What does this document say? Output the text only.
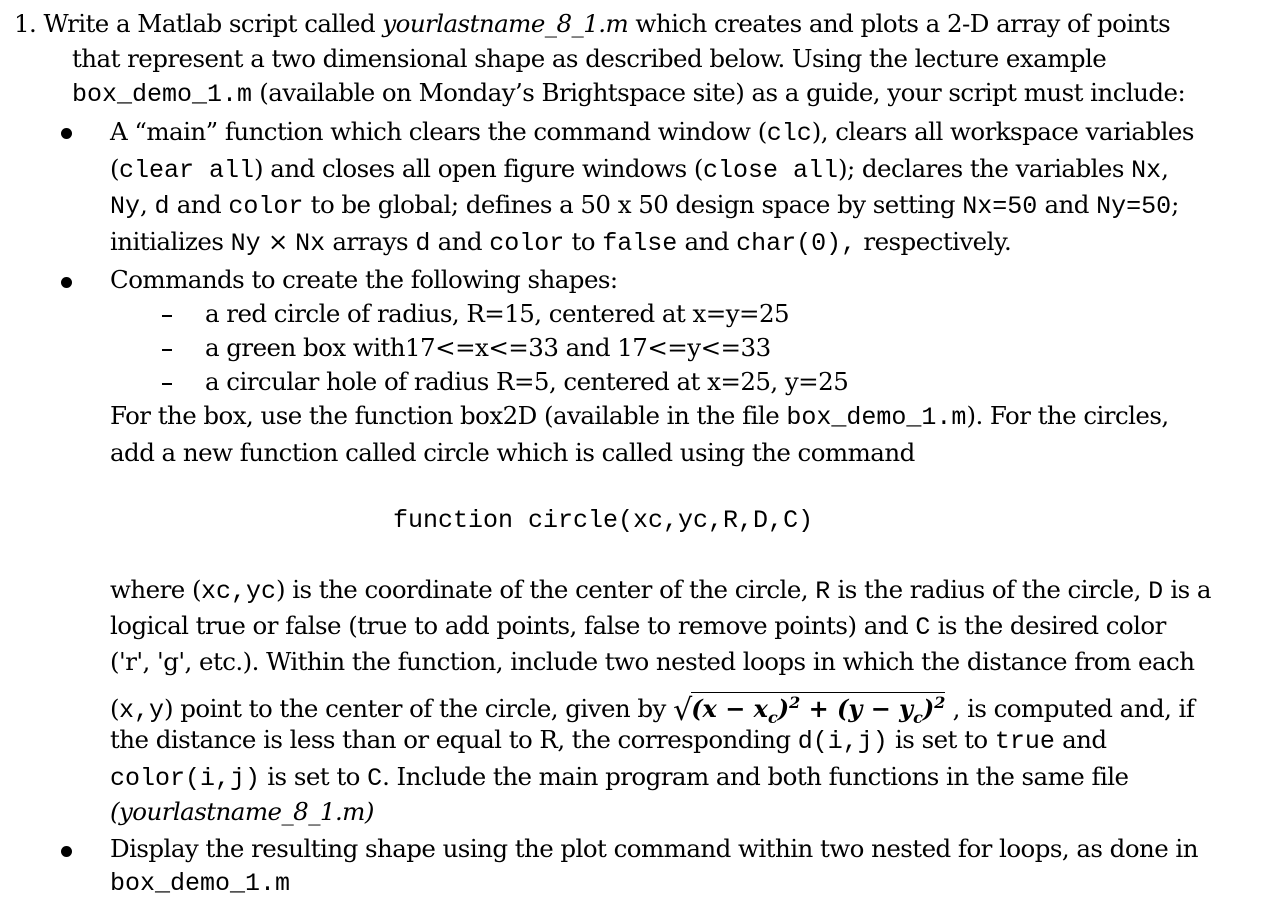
1. Write a Matlab script called yourlastname_8_1.m which creates and plots a 2-D array of points
that represent a two dimensional shape as described below. Using the lecture example
box_demo_1.m (available on Monday’s Brightspace site) as a guide, your script must include:
A “main” function which clears the command window (clc), clears all workspace variables
(clear all) and closes all open figure windows (close all); declares the variables Nx,
Ny, d and color to be global; defines a 50 x 50 design space by setting Nx=50 and Ny=50;
initializes Ny × Nx arrays d and color to false and char(0), respectively.
Commands to create the following shapes:
a red circle of radius, R=15, centered at x=y=25
a green box with17<=x<=33 and 17<=y<=33
a circular hole of radius R=5, centered at x=25, y=25
For the box, use the function box2D (available in the file box_demo_1.m). For the circles,
add a new function called circle which is called using the command
function circle(xc,yc,R,D,C)
where (xc,yc) is the coordinate of the center of the circle, R is the radius of the circle, D is a
logical true or false (true to add points, false to remove points) and C is the desired color
('r', 'g', etc.). Within the function, include two nested loops in which the distance from each
(x,y) point to the center of the circle, given by $√(x - x_c)^2 + (y - y_c)^2$ , is computed and, if
the distance is less than or equal to R, the corresponding d(i,j) is set to true and
color(i,j) is set to C. Include the main program and both functions in the same file
(yourlastname_8_1.m)
Display the resulting shape using the plot command within two nested for loops, as done in
box_demo_1.m
